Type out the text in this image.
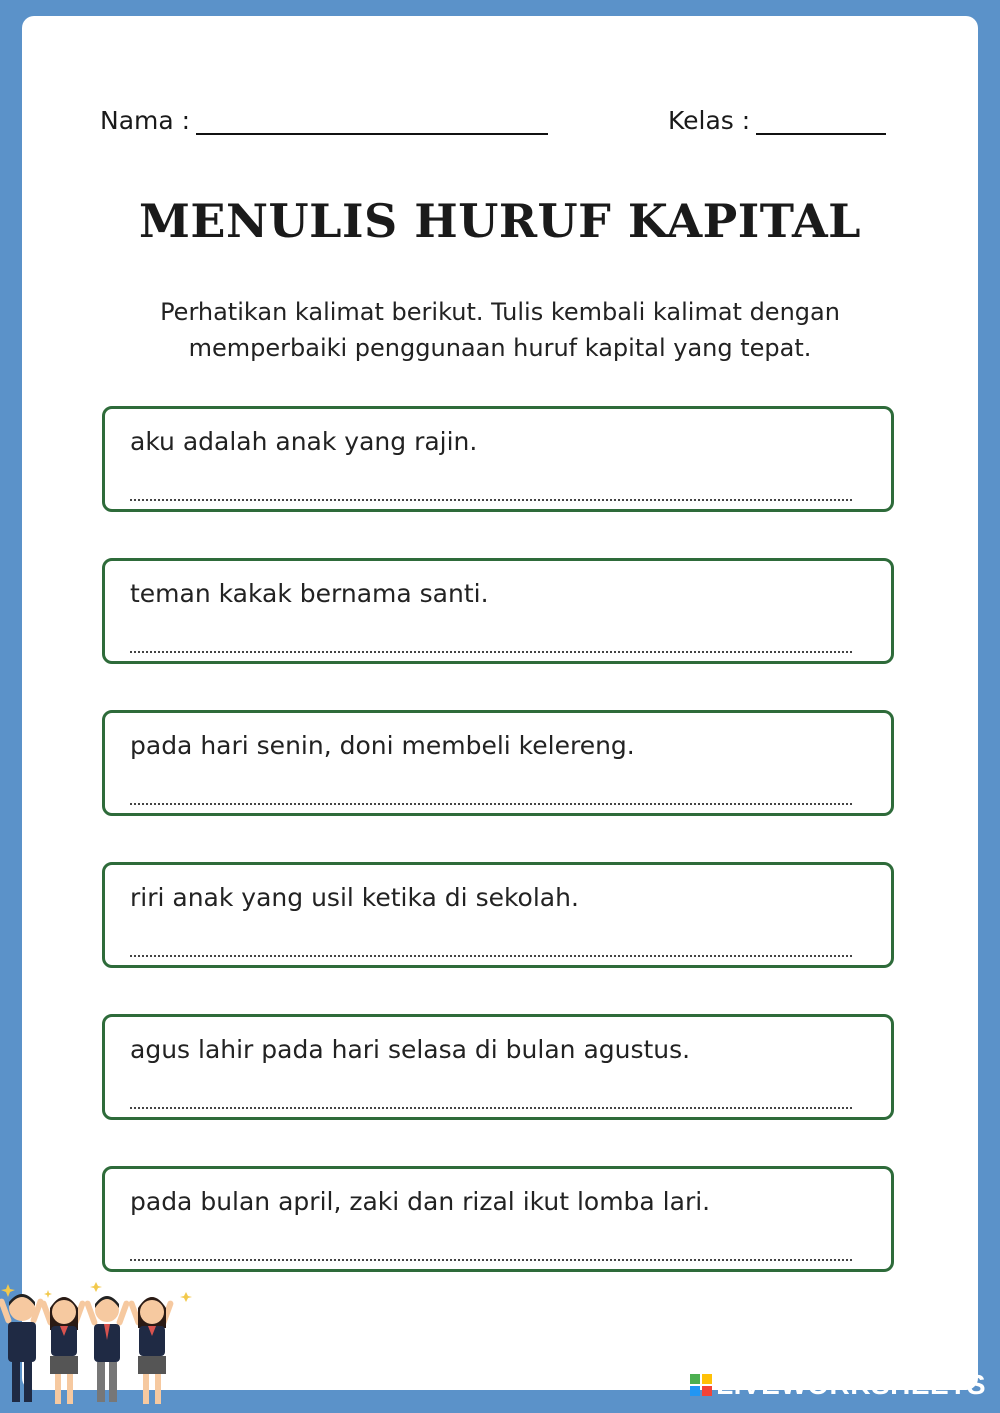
Nama :	Kelas :
MENULIS HURUF KAPITAL
Perhatikan kalimat berikut. Tulis kembali kalimat dengan
memperbaiki penggunaan huruf kapital yang tepat.
aku adalah anak yang rajin.
teman kakak bernama santi.
pada hari senin, doni membeli kelereng.
riri anak yang usil ketika di sekolah.
agus lahir pada hari selasa di bulan agustus.
pada bulan april, zaki dan rizal ikut lomba lari.
LIVEWORKSHEETS
